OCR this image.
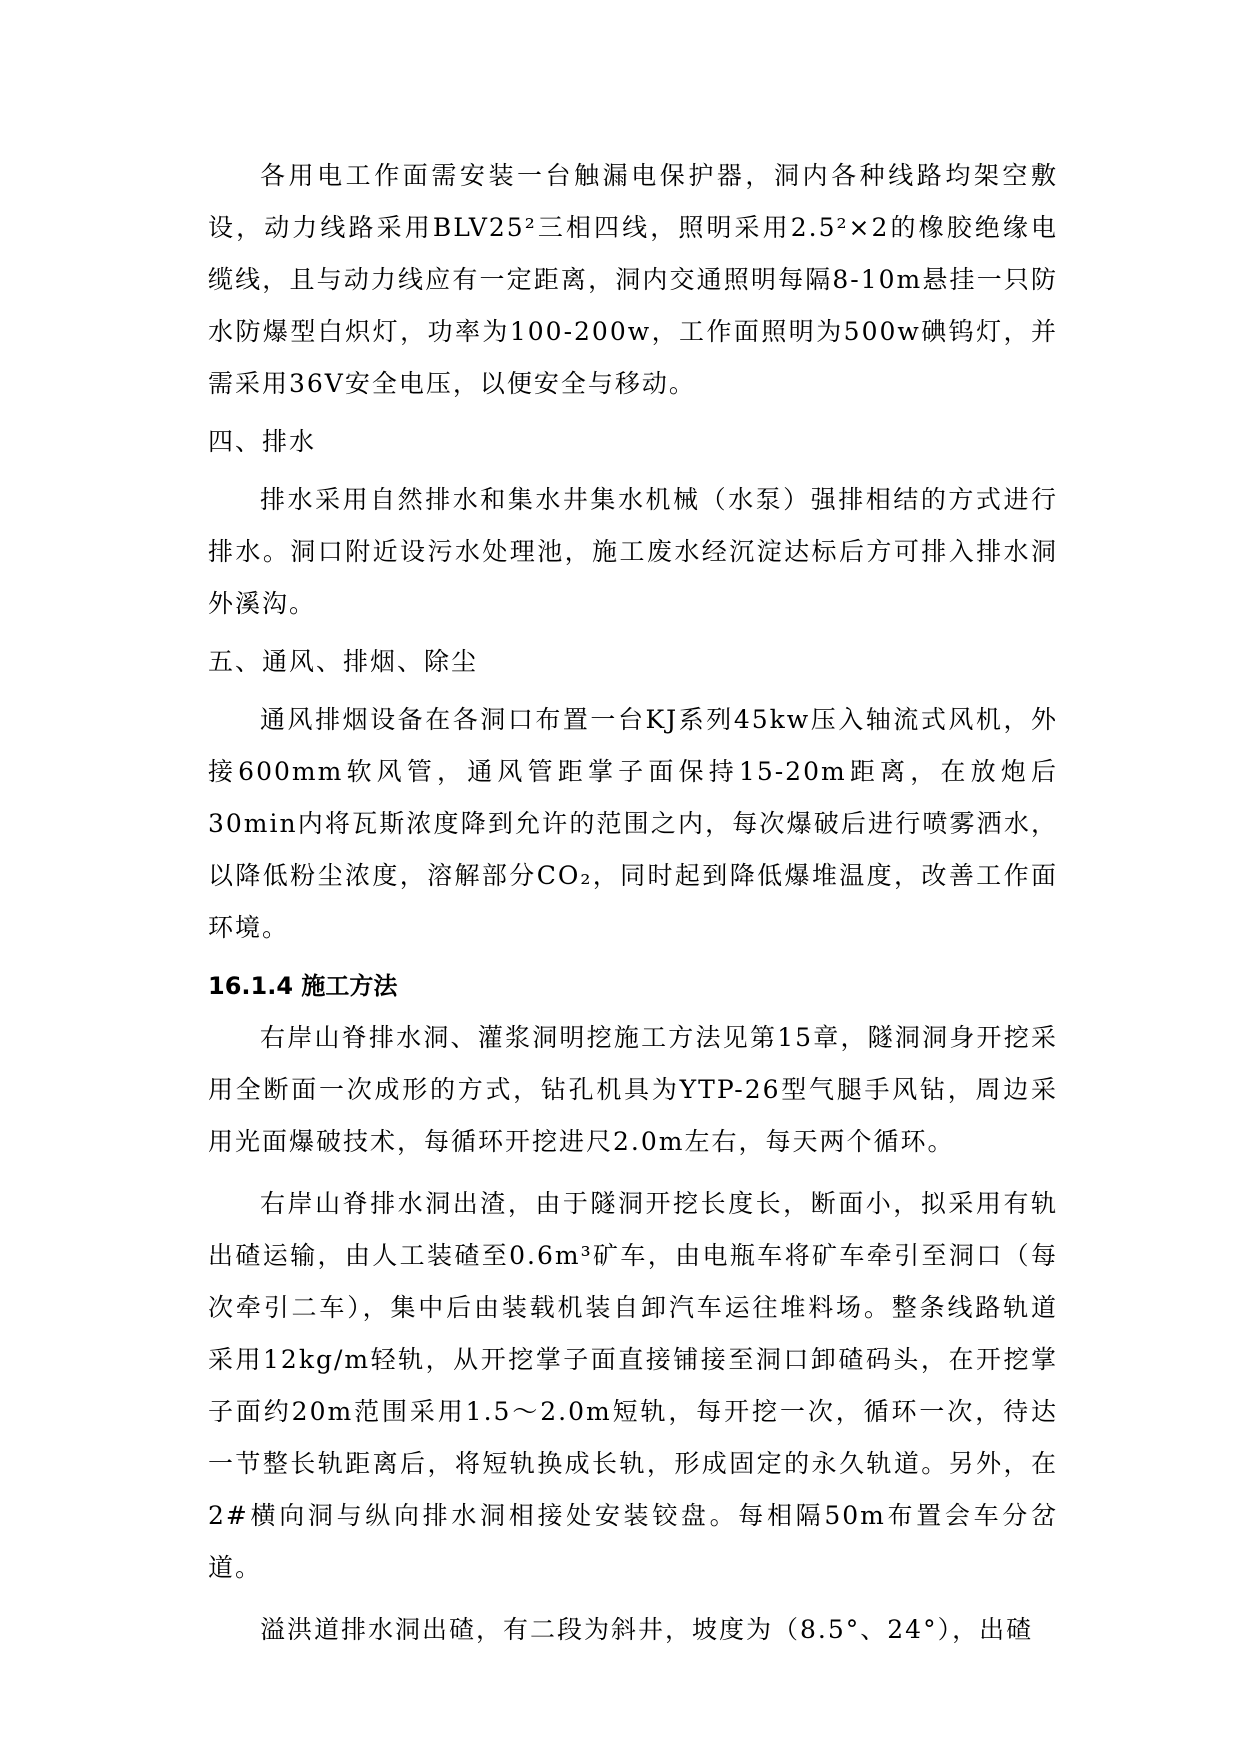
各用电工作面需安装一台触漏电保护器，洞内各种线路均架空敷设，动力线路采用BLV25²三相四线，照明采用2.5²×2的橡胶绝缘电缆线，且与动力线应有一定距离，洞内交通照明每隔8-10m悬挂一只防水防爆型白炽灯，功率为100-200w，工作面照明为500w碘钨灯，并需采用36V安全电压，以便安全与移动。

四、排水

排水采用自然排水和集水井集水机械（水泵）强排相结的方式进行排水。洞口附近设污水处理池，施工废水经沉淀达标后方可排入排水洞外溪沟。

五、通风、排烟、除尘

通风排烟设备在各洞口布置一台KJ系列45kw压入轴流式风机，外接600mm软风管，通风管距掌子面保持15-20m距离，在放炮后30min内将瓦斯浓度降到允许的范围之内，每次爆破后进行喷雾洒水，以降低粉尘浓度，溶解部分CO₂，同时起到降低爆堆温度，改善工作面环境。

16.1.4 施工方法

右岸山脊排水洞、灌浆洞明挖施工方法见第15章，隧洞洞身开挖采用全断面一次成形的方式，钻孔机具为YTP-26型气腿手风钻，周边采用光面爆破技术，每循环开挖进尺2.0m左右，每天两个循环。

右岸山脊排水洞出渣，由于隧洞开挖长度长，断面小，拟采用有轨出碴运输，由人工装碴至0.6m³矿车，由电瓶车将矿车牵引至洞口（每次牵引二车），集中后由装载机装自卸汽车运往堆料场。整条线路轨道采用12kg/m轻轨，从开挖掌子面直接铺接至洞口卸碴码头，在开挖掌子面约20m范围采用1.5～2.0m短轨，每开挖一次，循环一次，待达一节整长轨距离后，将短轨换成长轨，形成固定的永久轨道。另外，在2#横向洞与纵向排水洞相接处安装铰盘。每相隔50m布置会车分岔道。

溢洪道排水洞出碴，有二段为斜井，坡度为（8.5°、24°），出碴
